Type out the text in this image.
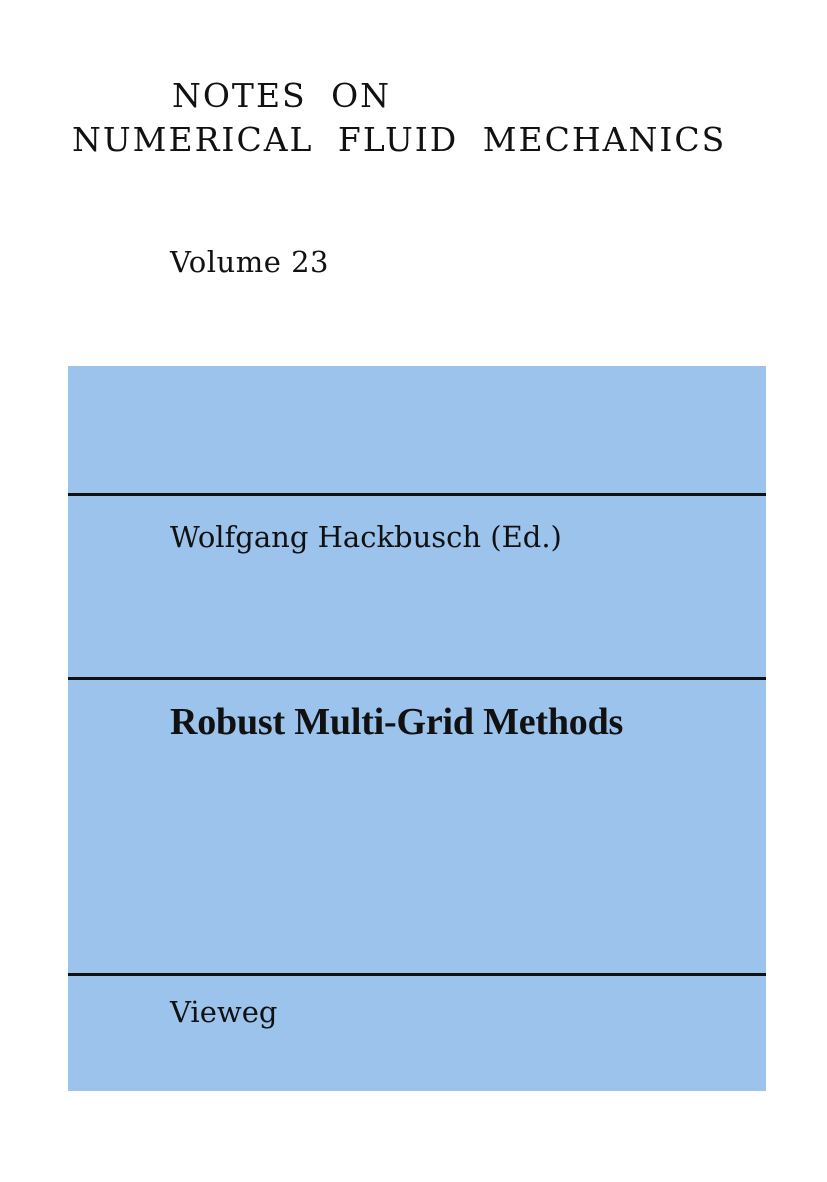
NOTES ON
NUMERICAL FLUID MECHANICS
Volume 23
Wolfgang Hackbusch (Ed.)
Robust Multi-Grid Methods
Vieweg
